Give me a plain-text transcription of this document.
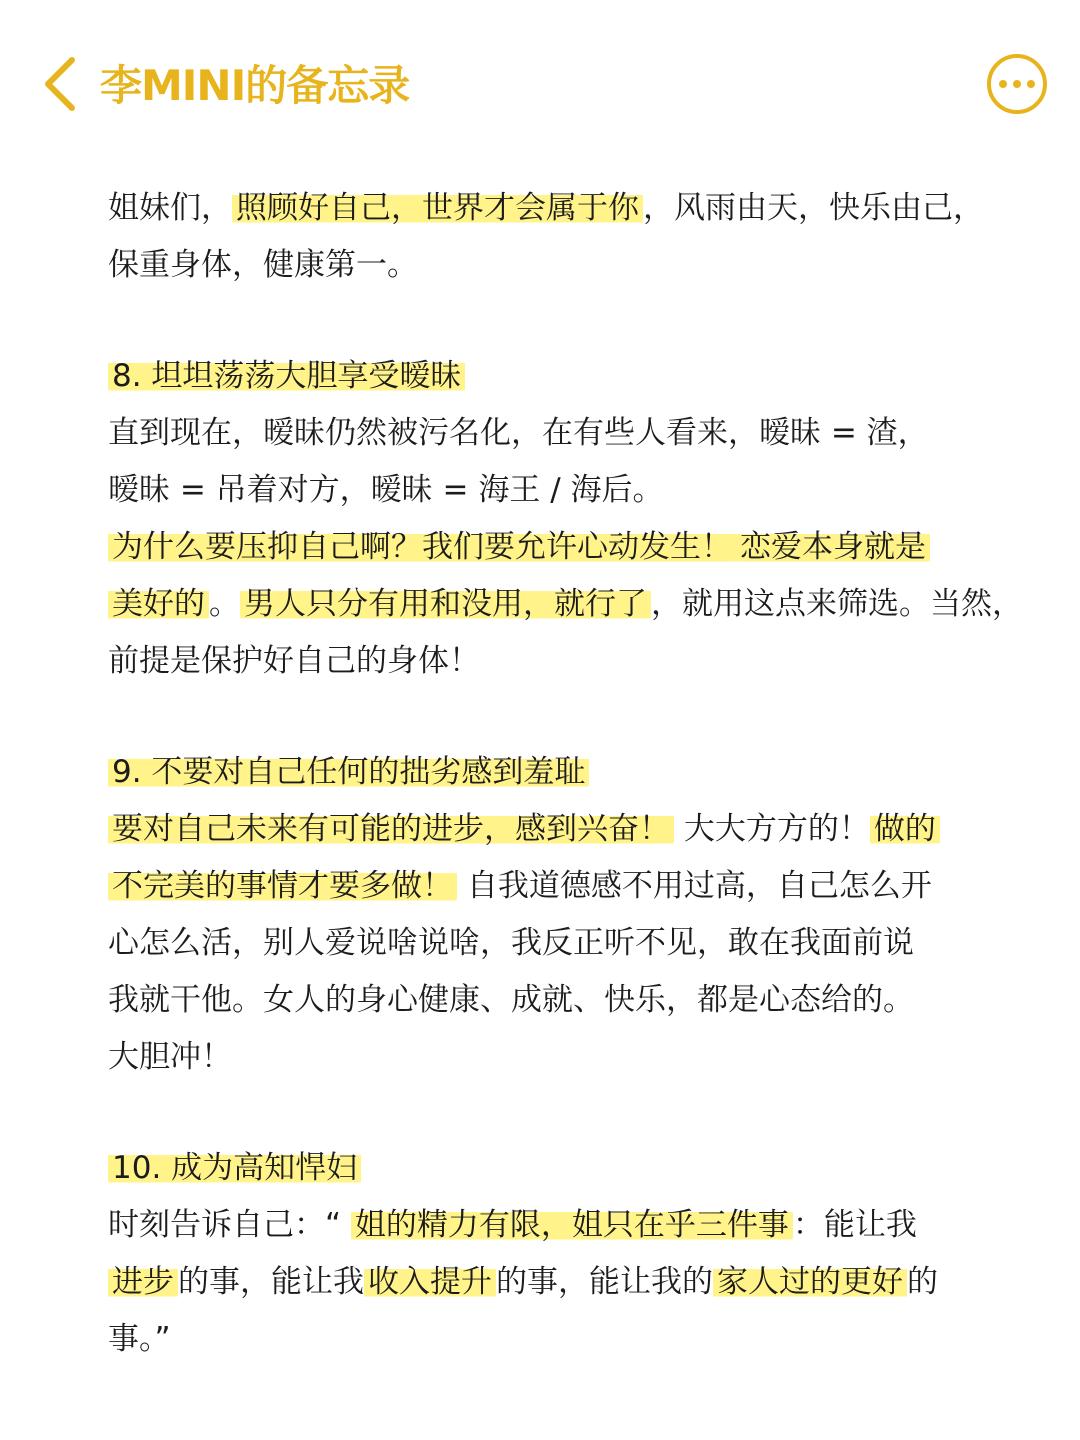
李MINI的备忘录
姐妹们， 照顾好自己，世界才会属于你 ，风雨由天，快乐由己，
保重身体，健康第一。
8. 坦坦荡荡大胆享受暧昧
直到现在，暧昧仍然被污名化，在有些人看来，暧昧 = 渣，
暧昧 = 吊着对方，暧昧 = 海王 / 海后。
为什么要压抑自己啊？我们要允许心动发生！ 恋爱本身就是
美好的 。 男人只分有用和没用，就行了 ，就用这点来筛选。当然，
前提是保护好自己的身体！
9. 不要对自己任何的拙劣感到羞耻
要对自己未来有可能的进步，感到兴奋！ 大大方方的！ 做的
不完美的事情才要多做！ 自我道德感不用过高，自己怎么开
心怎么活，别人爱说啥说啥，我反正听不见，敢在我面前说
我就干他。女人的身心健康、成就、快乐，都是心态给的。
大胆冲！
10. 成为高知悍妇
时刻告诉自己：“ 姐的精力有限，姐只在乎三件事 ：能让我
进步 的事，能让我 收入提升 的事，能让我的 家人过的更好 的
事。”
